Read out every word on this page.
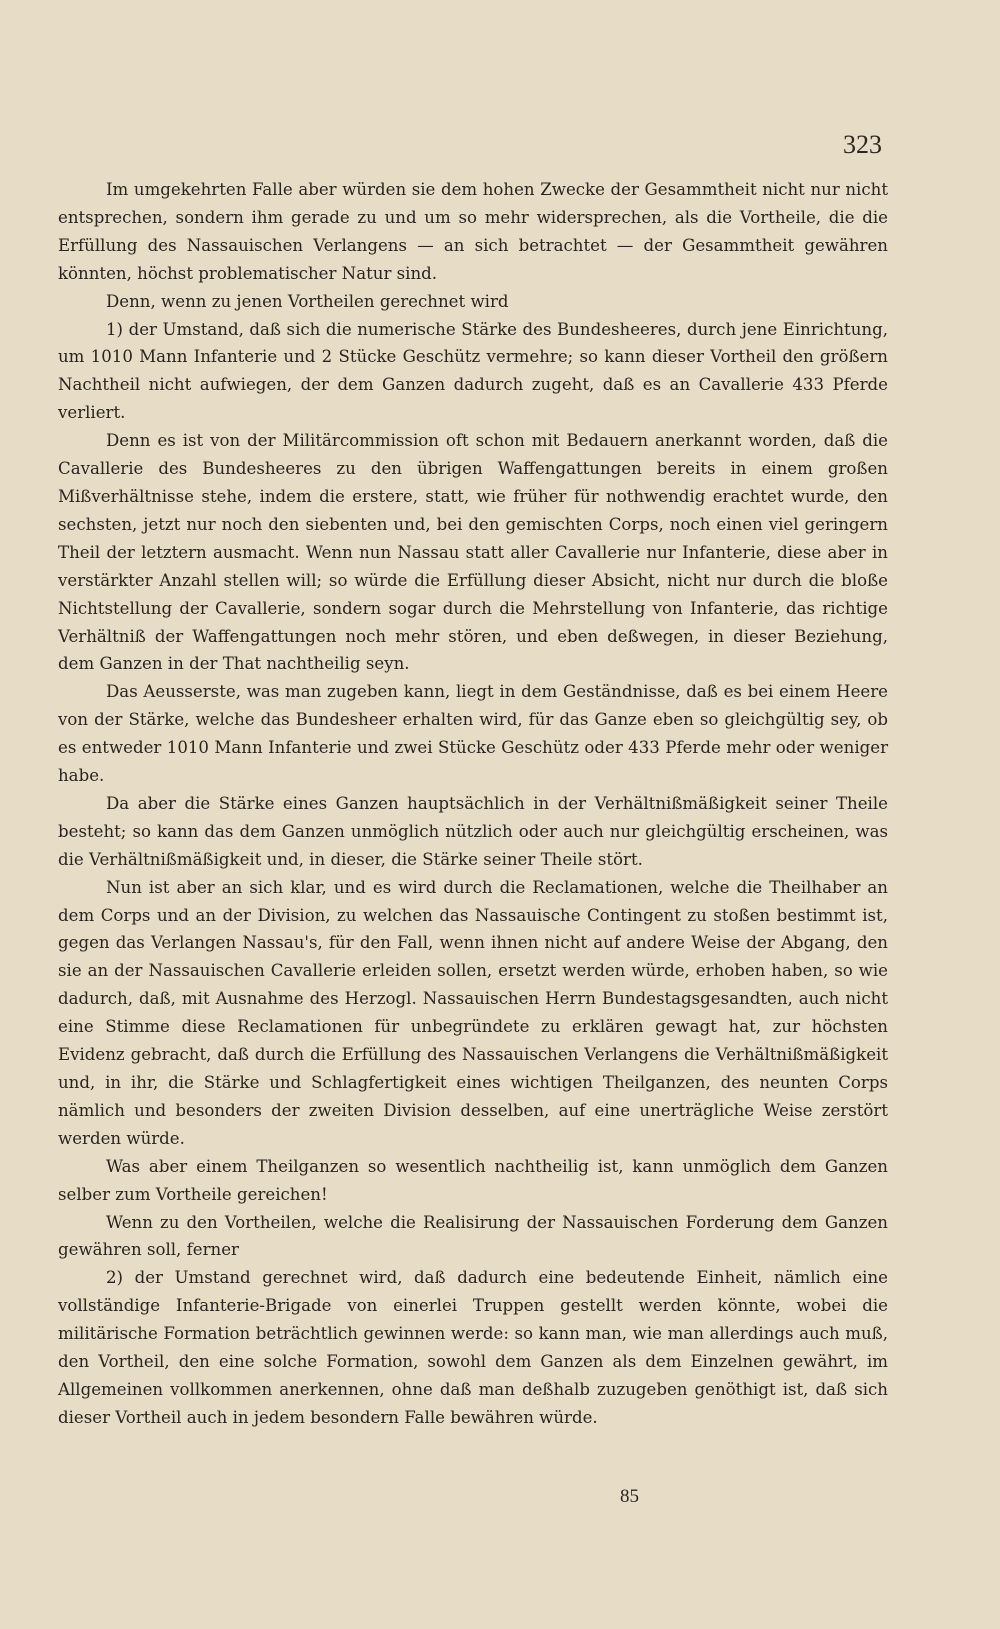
323

Im umgekehrten Falle aber würden sie dem hohen Zwecke der Gesammtheit nicht nur nicht entsprechen, sondern ihm gerade zu und um so mehr widersprechen, als die Vortheile, die die Erfüllung des Nassauischen Verlangens — an sich betrachtet — der Gesammtheit gewähren könnten, höchst problematischer Natur sind.

Denn, wenn zu jenen Vortheilen gerechnet wird

1) der Umstand, daß sich die numerische Stärke des Bundesheeres, durch jene Einrichtung, um 1010 Mann Infanterie und 2 Stücke Geschütz vermehre; so kann dieser Vortheil den größern Nachtheil nicht aufwiegen, der dem Ganzen dadurch zugeht, daß es an Cavallerie 433 Pferde verliert.

Denn es ist von der Militärcommission oft schon mit Bedauern anerkannt worden, daß die Cavallerie des Bundesheeres zu den übrigen Waffengattungen bereits in einem großen Mißverhältnisse stehe, indem die erstere, statt, wie früher für nothwendig erachtet wurde, den sechsten, jetzt nur noch den siebenten und, bei den gemischten Corps, noch einen viel geringern Theil der letztern ausmacht. Wenn nun Nassau statt aller Cavallerie nur Infanterie, diese aber in verstärkter Anzahl stellen will; so würde die Erfüllung dieser Absicht, nicht nur durch die bloße Nichtstellung der Cavallerie, sondern sogar durch die Mehrstellung von Infanterie, das richtige Verhältniß der Waffengattungen noch mehr stören, und eben deßwegen, in dieser Beziehung, dem Ganzen in der That nachtheilig seyn.

Das Aeusserste, was man zugeben kann, liegt in dem Geständnisse, daß es bei einem Heere von der Stärke, welche das Bundesheer erhalten wird, für das Ganze eben so gleichgültig sey, ob es entweder 1010 Mann Infanterie und zwei Stücke Geschütz oder 433 Pferde mehr oder weniger habe.

Da aber die Stärke eines Ganzen hauptsächlich in der Verhältnißmäßigkeit seiner Theile besteht; so kann das dem Ganzen unmöglich nützlich oder auch nur gleichgültig erscheinen, was die Verhältnißmäßigkeit und, in dieser, die Stärke seiner Theile stört.

Nun ist aber an sich klar, und es wird durch die Reclamationen, welche die Theilhaber an dem Corps und an der Division, zu welchen das Nassauische Contingent zu stoßen bestimmt ist, gegen das Verlangen Nassau's, für den Fall, wenn ihnen nicht auf andere Weise der Abgang, den sie an der Nassauischen Cavallerie erleiden sollen, ersetzt werden würde, erhoben haben, so wie dadurch, daß, mit Ausnahme des Herzogl. Nassauischen Herrn Bundestagsgesandten, auch nicht eine Stimme diese Reclamationen für unbegründete zu erklären gewagt hat, zur höchsten Evidenz gebracht, daß durch die Erfüllung des Nassauischen Verlangens die Verhältnißmäßigkeit und, in ihr, die Stärke und Schlagfertigkeit eines wichtigen Theilganzen, des neunten Corps nämlich und besonders der zweiten Division desselben, auf eine unerträgliche Weise zerstört werden würde.

Was aber einem Theilganzen so wesentlich nachtheilig ist, kann unmöglich dem Ganzen selber zum Vortheile gereichen!

Wenn zu den Vortheilen, welche die Realisirung der Nassauischen Forderung dem Ganzen gewähren soll, ferner

2) der Umstand gerechnet wird, daß dadurch eine bedeutende Einheit, nämlich eine vollständige Infanterie-Brigade von einerlei Truppen gestellt werden könnte, wobei die militärische Formation beträchtlich gewinnen werde: so kann man, wie man allerdings auch muß, den Vortheil, den eine solche Formation, sowohl dem Ganzen als dem Einzelnen gewährt, im Allgemeinen vollkommen anerkennen, ohne daß man deßhalb zuzugeben genöthigt ist, daß sich dieser Vortheil auch in jedem besondern Falle bewähren würde.

85
